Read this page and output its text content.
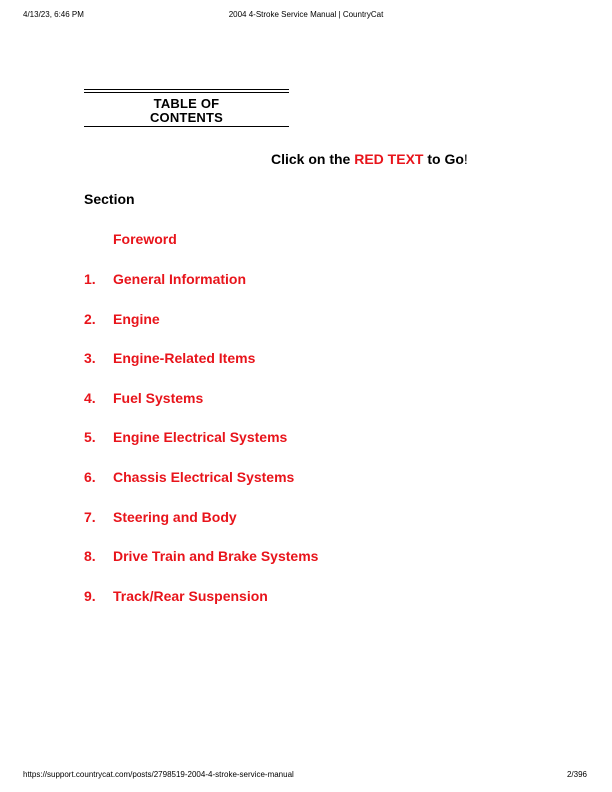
2004 4-Stroke Service Manual | CountryCat
4/13/23, 6:46 PM
TABLE OF
CONTENTS
Click on the RED TEXT to Go!
Section
Foreword
1. General Information
2. Engine
3. Engine-Related Items
4. Fuel Systems
5. Engine Electrical Systems
6. Chassis Electrical Systems
7. Steering and Body
8. Drive Train and Brake Systems
9. Track/Rear Suspension
https://support.countrycat.com/posts/2798519-2004-4-stroke-service-manual	2/396
